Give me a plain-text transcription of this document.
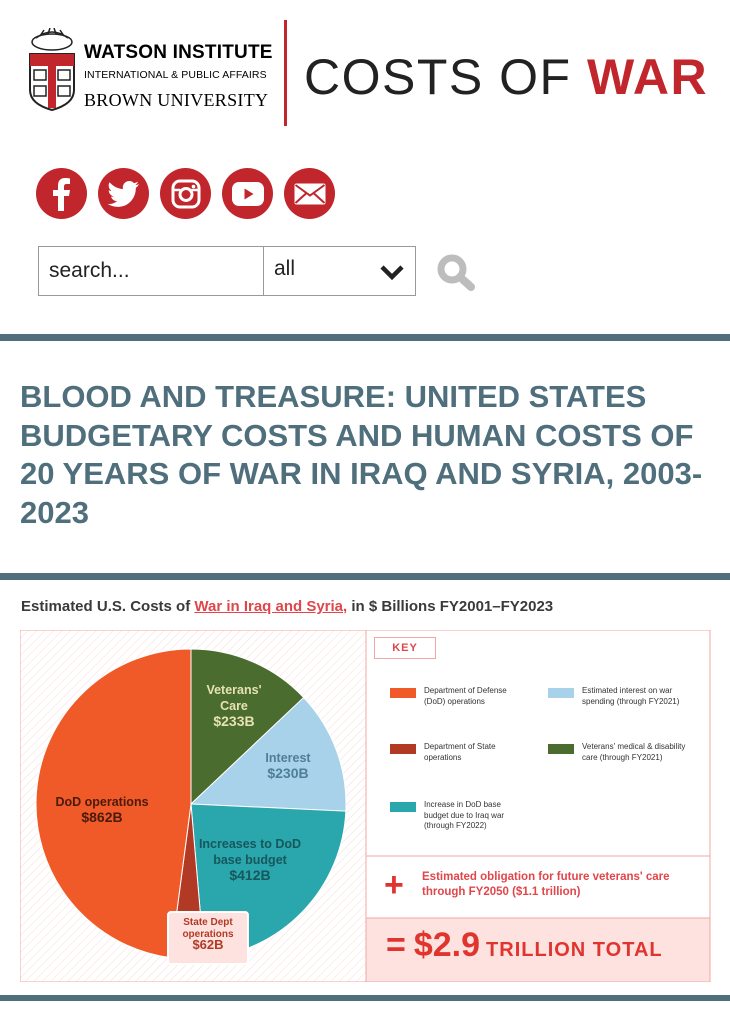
WATSON INSTITUTE
INTERNATIONAL & PUBLIC AFFAIRS
BROWN UNIVERSITY COSTS OF WAR
search...
all
BLOOD AND TREASURE: UNITED STATES BUDGETARY COSTS AND HUMAN COSTS OF 20 YEARS OF WAR IN IRAQ AND SYRIA, 2003-2023
Estimated U.S. Costs of War in Iraq and Syria, in $ Billions FY2001–FY2023
Veterans'
Care
$233B
Interest
$230B
Increases to DoD
base budget
$412B
State Dept
operations
$62B
DoD operations
$862B
KEY
Department of Defense
(DoD) operations
Estimated interest on war
spending (through FY2021)
Department of State
operations
Veterans' medical & disability
care (through FY2021)
Increase in DoD base
budget due to Iraq war
(through FY2022)
+ Estimated obligation for future veterans' care through FY2050 ($1.1 trillion)
= $2.9 TRILLION TOTAL
